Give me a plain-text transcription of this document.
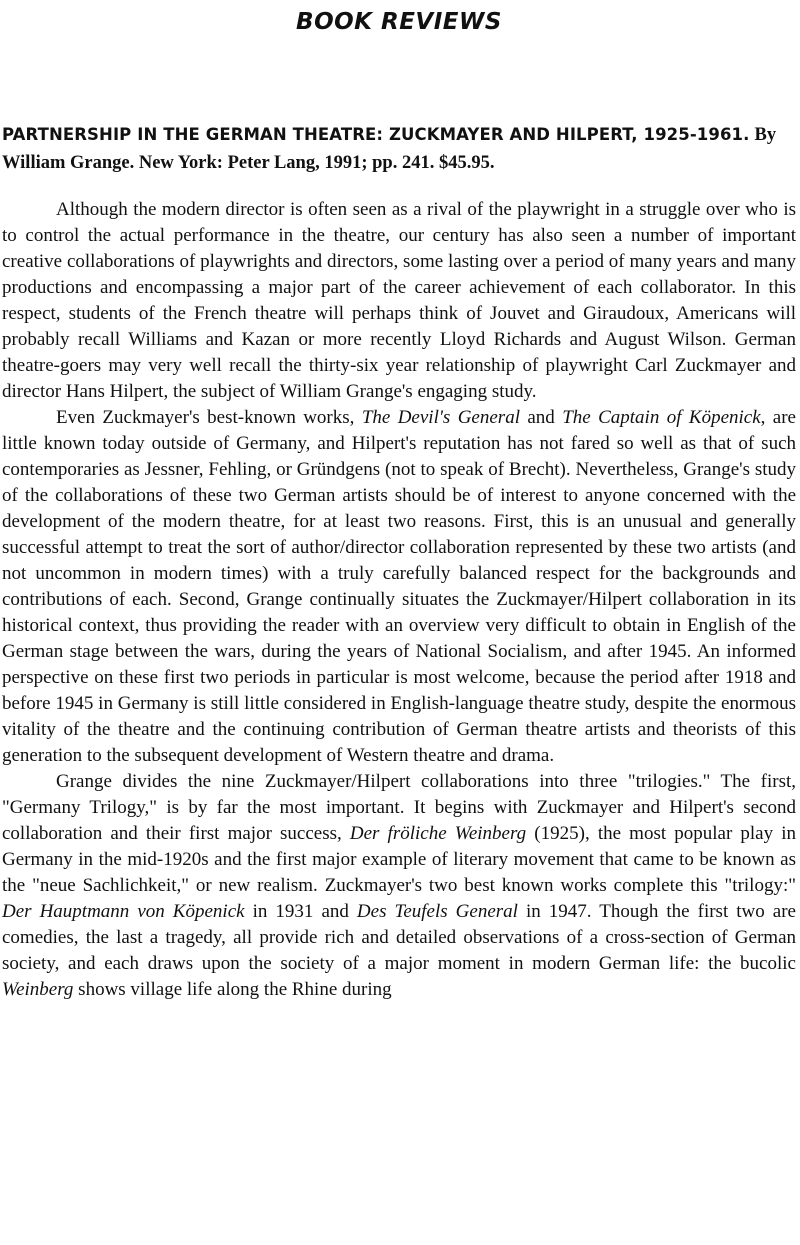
BOOK REVIEWS
PARTNERSHIP IN THE GERMAN THEATRE: ZUCKMAYER AND HILPERT, 1925-1961. By William Grange. New York: Peter Lang, 1991; pp. 241. $45.95.

Although the modern director is often seen as a rival of the playwright in a struggle over who is to control the actual performance in the theatre, our century has also seen a number of important creative collaborations of playwrights and directors, some lasting over a period of many years and many productions and encompassing a major part of the career achievement of each collaborator. In this respect, students of the French theatre will perhaps think of Jouvet and Giraudoux, Americans will probably recall Williams and Kazan or more recently Lloyd Richards and August Wilson. German theatre-goers may very well recall the thirty-six year relationship of playwright Carl Zuckmayer and director Hans Hilpert, the subject of William Grange's engaging study.

Even Zuckmayer's best-known works, The Devil's General and The Captain of Köpenick, are little known today outside of Germany, and Hilpert's reputation has not fared so well as that of such contemporaries as Jessner, Fehling, or Gründgens (not to speak of Brecht). Nevertheless, Grange's study of the collaborations of these two German artists should be of interest to anyone concerned with the development of the modern theatre, for at least two reasons. First, this is an unusual and generally successful attempt to treat the sort of author/director collaboration represented by these two artists (and not uncommon in modern times) with a truly carefully balanced respect for the backgrounds and contributions of each. Second, Grange continually situates the Zuckmayer/Hilpert collaboration in its historical context, thus providing the reader with an overview very difficult to obtain in English of the German stage between the wars, during the years of National Socialism, and after 1945. An informed perspective on these first two periods in particular is most welcome, because the period after 1918 and before 1945 in Germany is still little considered in English-language theatre study, despite the enormous vitality of the theatre and the continuing contribution of German theatre artists and theorists of this generation to the subsequent development of Western theatre and drama.

Grange divides the nine Zuckmayer/Hilpert collaborations into three "trilogies." The first, "Germany Trilogy," is by far the most important. It begins with Zuckmayer and Hilpert's second collaboration and their first major success, Der fröliche Weinberg (1925), the most popular play in Germany in the mid-1920s and the first major example of literary movement that came to be known as the "neue Sachlichkeit," or new realism. Zuckmayer's two best known works complete this "trilogy:" Der Hauptmann von Köpenick in 1931 and Des Teufels General in 1947. Though the first two are comedies, the last a tragedy, all provide rich and detailed observations of a cross-section of German society, and each draws upon the society of a major moment in modern German life: the bucolic Weinberg shows village life along the Rhine during
